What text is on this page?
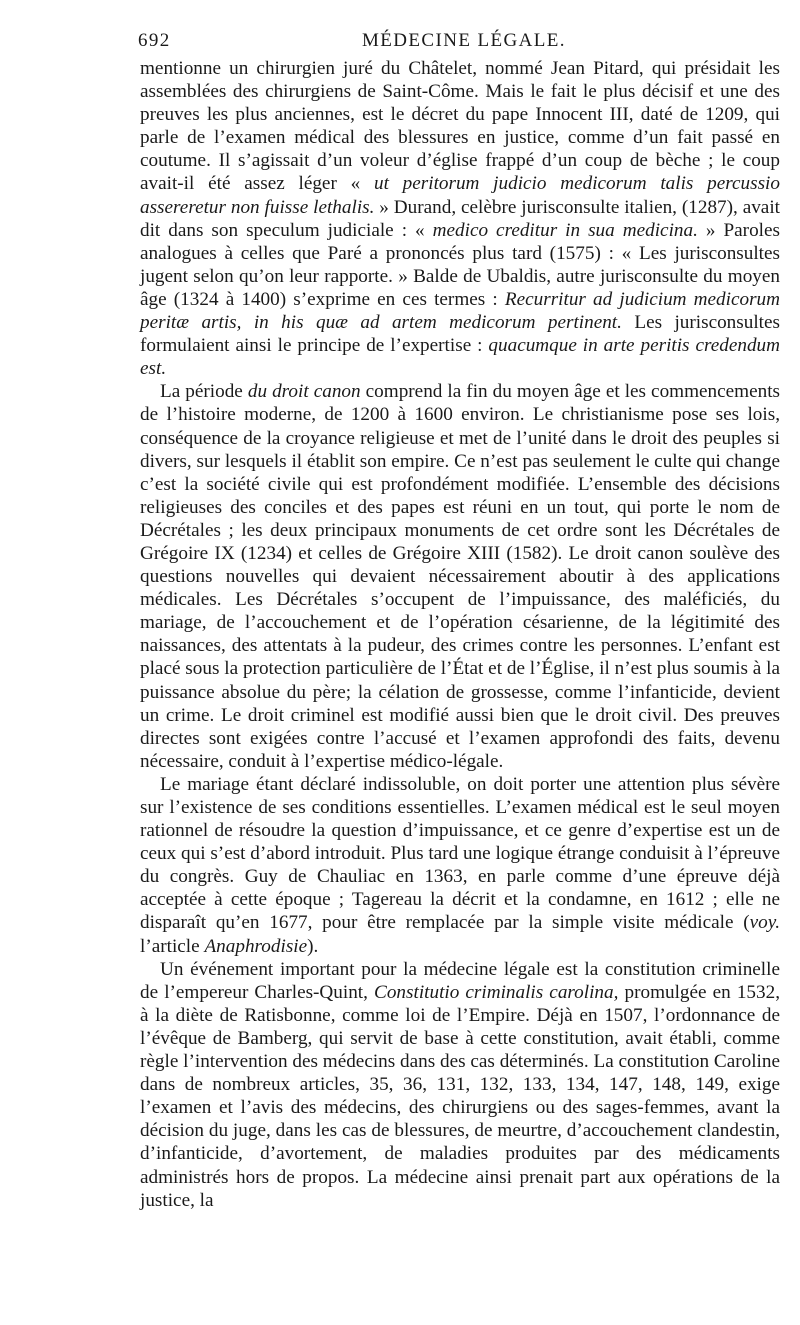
692	MÉDECINE LÉGALE.

mentionne un chirurgien juré du Châtelet, nommé Jean Pitard, qui présidait les assemblées des chirurgiens de Saint-Côme. Mais le fait le plus décisif et une des preuves les plus anciennes, est le décret du pape Innocent III, daté de 1209, qui parle de l’examen médical des blessures en justice, comme d’un fait passé en coutume. Il s’agissait d’un voleur d’église frappé d’un coup de bèche ; le coup avait-il été assez léger « ut peritorum judicio medicorum talis percussio assereretur non fuisse lethalis. » Durand, celèbre jurisconsulte italien, (1287), avait dit dans son speculum judiciale : « medico creditur in sua medicina. » Paroles analogues à celles que Paré a prononcés plus tard (1575) : « Les jurisconsultes jugent selon qu’on leur rapporte. » Balde de Ubaldis, autre jurisconsulte du moyen âge (1324 à 1400) s’exprime en ces termes : Recurritur ad judicium medicorum peritæ artis, in his quæ ad artem medicorum pertinent. Les jurisconsultes formulaient ainsi le principe de l’expertise : quacumque in arte peritis credendum est.

La période du droit canon comprend la fin du moyen âge et les commencements de l’histoire moderne, de 1200 à 1600 environ. Le christianisme pose ses lois, conséquence de la croyance religieuse et met de l’unité dans le droit des peuples si divers, sur lesquels il établit son empire. Ce n’est pas seulement le culte qui change c’est la société civile qui est profondément modifiée. L’ensemble des décisions religieuses des conciles et des papes est réuni en un tout, qui porte le nom de Décrétales ; les deux principaux monuments de cet ordre sont les Décrétales de Grégoire IX (1234) et celles de Grégoire XIII (1582). Le droit canon soulève des questions nouvelles qui devaient nécessairement aboutir à des applications médicales. Les Décrétales s’occupent de l’impuissance, des maléficiés, du mariage, de l’accouchement et de l’opération césarienne, de la légitimité des naissances, des attentats à la pudeur, des crimes contre les personnes. L’enfant est placé sous la protection particulière de l’État et de l’Église, il n’est plus soumis à la puissance absolue du père; la célation de grossesse, comme l’infanticide, devient un crime. Le droit criminel est modifié aussi bien que le droit civil. Des preuves directes sont exigées contre l’accusé et l’examen approfondi des faits, devenu nécessaire, conduit à l’expertise médico-légale.

Le mariage étant déclaré indissoluble, on doit porter une attention plus sévère sur l’existence de ses conditions essentielles. L’examen médical est le seul moyen rationnel de résoudre la question d’impuissance, et ce genre d’expertise est un de ceux qui s’est d’abord introduit. Plus tard une logique étrange conduisit à l’épreuve du congrès. Guy de Chauliac en 1363, en parle comme d’une épreuve déjà acceptée à cette époque ; Tagereau la décrit et la condamne, en 1612 ; elle ne disparaît qu’en 1677, pour être remplacée par la simple visite médicale (voy. l’article Anaphrodisie).

Un événement important pour la médecine légale est la constitution criminelle de l’empereur Charles-Quint, Constitutio criminalis carolina, promulgée en 1532, à la diète de Ratisbonne, comme loi de l’Empire. Déjà en 1507, l’ordonnance de l’évêque de Bamberg, qui servit de base à cette constitution, avait établi, comme règle l’intervention des médecins dans des cas déterminés. La constitution Caroline dans de nombreux articles, 35, 36, 131, 132, 133, 134, 147, 148, 149, exige l’examen et l’avis des médecins, des chirurgiens ou des sages-femmes, avant la décision du juge, dans les cas de blessures, de meurtre, d’accouchement clandestin, d’infanticide, d’avortement, de maladies produites par des médicaments administrés hors de propos. La médecine ainsi prenait part aux opérations de la justice, la
